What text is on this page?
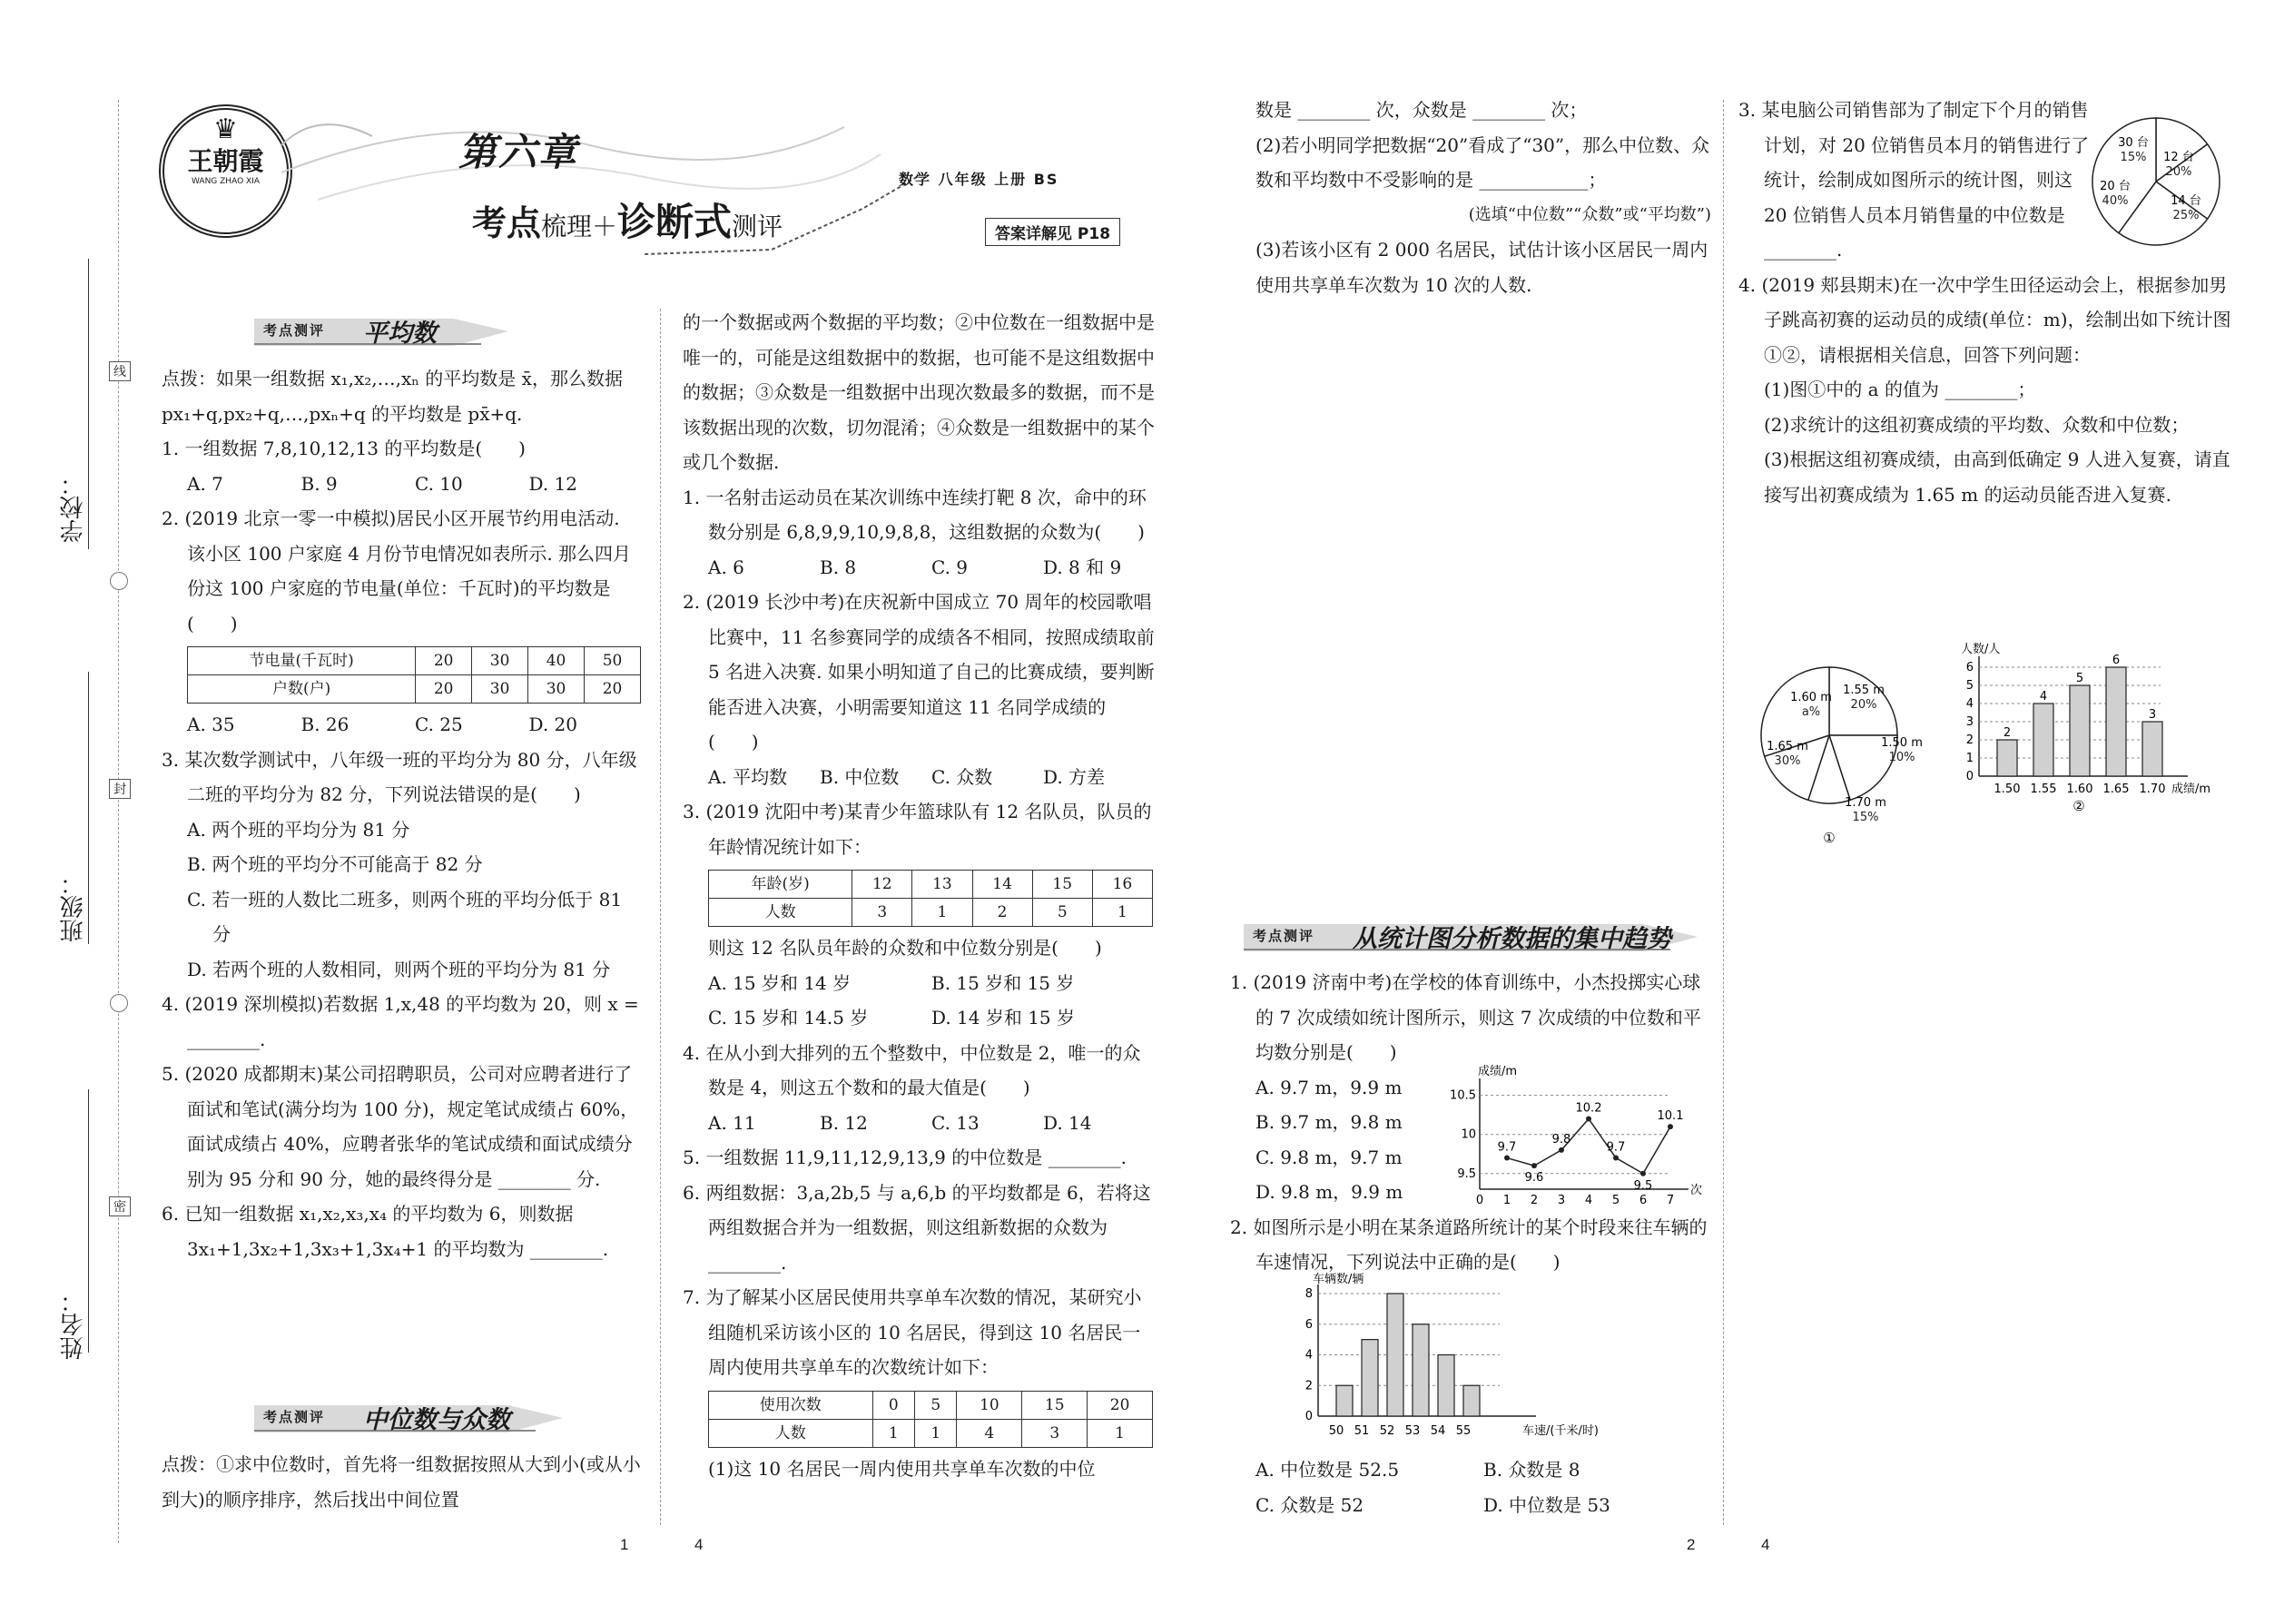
学校：
班级：
姓名：
线
封
密
♛
王朝霞
WANG ZHAO XIA
第六章
考点梳理＋诊断式测评
数学 八年级 上册 BS
答案详解见 P18
考点测评 平均数

点拨：如果一组数据 x₁,x₂,…,xₙ 的平均数是 x̄，那么数据 px₁+q,px₂+q,…,pxₙ+q 的平均数是 px̄+q.

1. 一组数据 7,8,10,12,13 的平均数是(　　)

A. 7	B. 9	C. 10	D. 12

2. (2019 北京一零一中模拟)居民小区开展节约用电活动. 该小区 100 户家庭 4 月份节电情况如表所示. 那么四月份这 100 户家庭的节电量(单位：千瓦时)的平均数是(　　)

节电量(千瓦时)	20	30	40	50
户数(户)	20	30	30	20
A. 35	B. 26	C. 25	D. 20

3. 某次数学测试中，八年级一班的平均分为 80 分，八年级二班的平均分为 82 分，下列说法错误的是(　　)

A. 两个班的平均分为 81 分

B. 两个班的平均分不可能高于 82 分

C. 若一班的人数比二班多，则两个班的平均分低于 81 分

D. 若两个班的人数相同，则两个班的平均分为 81 分

4. (2019 深圳模拟)若数据 1,x,48 的平均数为 20，则 x = ________.

5. (2020 成都期末)某公司招聘职员，公司对应聘者进行了面试和笔试(满分均为 100 分)，规定笔试成绩占 60%，面试成绩占 40%，应聘者张华的笔试成绩和面试成绩分别为 95 分和 90 分，她的最终得分是 ________ 分.

6. 已知一组数据 x₁,x₂,x₃,x₄ 的平均数为 6，则数据 3x₁+1,3x₂+1,3x₃+1,3x₄+1 的平均数为 ________.

考点测评 中位数与众数

点拨：①求中位数时，首先将一组数据按照从大到小(或从小到大)的顺序排序，然后找出中间位置

的一个数据或两个数据的平均数；②中位数在一组数据中是唯一的，可能是这组数据中的数据，也可能不是这组数据中的数据；③众数是一组数据中出现次数最多的数据，而不是该数据出现的次数，切勿混淆；④众数是一组数据中的某个或几个数据.

1. 一名射击运动员在某次训练中连续打靶 8 次，命中的环数分别是 6,8,9,9,10,9,8,8，这组数据的众数为(　　)

A. 6	B. 8	C. 9	D. 8 和 9

2. (2019 长沙中考)在庆祝新中国成立 70 周年的校园歌唱比赛中，11 名参赛同学的成绩各不相同，按照成绩取前 5 名进入决赛. 如果小明知道了自己的比赛成绩，要判断能否进入决赛，小明需要知道这 11 名同学成绩的(　　)

A. 平均数	B. 中位数	C. 众数	D. 方差

3. (2019 沈阳中考)某青少年篮球队有 12 名队员，队员的年龄情况统计如下：

年龄(岁)	12	13	14	15	16
人数	3	1	2	5	1

则这 12 名队员年龄的众数和中位数分别是(　　)

A. 15 岁和 14 岁	B. 15 岁和 15 岁
C. 15 岁和 14.5 岁	D. 14 岁和 15 岁

4. 在从小到大排列的五个整数中，中位数是 2，唯一的众数是 4，则这五个数和的最大值是(　　)

A. 11	B. 12	C. 13	D. 14

5. 一组数据 11,9,11,12,9,13,9 的中位数是 ________.

6. 两组数据：3,a,2b,5 与 a,6,b 的平均数都是 6，若将这两组数据合并为一组数据，则这组新数据的众数为 ________.

7. 为了解某小区居民使用共享单车次数的情况，某研究小组随机采访该小区的 10 名居民，得到这 10 名居民一周内使用共享单车的次数统计如下：

使用次数	0	5	10	15	20
人数	1	1	4	3	1

(1)这 10 名居民一周内使用共享单车次数的中位

数是 ________ 次，众数是 ________ 次；

(2)若小明同学把数据“20”看成了“30”，那么中位数、众数和平均数中不受影响的是 ____________；

(选填“中位数”“众数”或“平均数”)

(3)若该小区有 2 000 名居民，试估计该小区居民一周内使用共享单车次数为 10 次的人数.

考点测评 从统计图分析数据的集中趋势

1. (2019 济南中考)在学校的体育训练中，小杰投掷实心球的 7 次成绩如统计图所示，则这 7 次成绩的中位数和平均数分别是(　　)

A. 9.7 m，9.9 m

B. 9.7 m，9.8 m

C. 9.8 m，9.7 m

D. 9.8 m，9.9 m

2. 如图所示是小明在某条道路所统计的某个时段来往车辆的车速情况，下列说法中正确的是(　　)

A. 中位数是 52.5	B. 众数是 8
C. 众数是 52	D. 中位数是 53
成绩/m
次
9.5
10
10.5
0 1 2 3 4 5 6 7
9.7
9.6
9.8
10.2
9.7
9.5
10.1
车辆数/辆
车速/(千米/时)
0
2
4
6
8
50 51 52 53 54 55

3. 某电脑公司销售部为了制定下个月的销售计划，对 20 位销售员本月的销售进行了统计，绘制成如图所示的统计图，则这 20 位销售人员本月销售量的中位数是 ________.

4. (2019 郏县期末)在一次中学生田径运动会上，根据参加男子跳高初赛的运动员的成绩(单位：m)，绘制出如下统计图①②，请根据相关信息，回答下列问题：

(1)图①中的 a 的值为 ________；

(2)求统计的这组初赛成绩的平均数、众数和中位数；

(3)根据这组初赛成绩，由高到低确定 9 人进入复赛，请直接写出初赛成绩为 1.65 m 的运动员能否进入复赛.

30 台
15% 12 台
20%
14 台
25%
20 台
40%
1.60 m
a%
1.55 m
20%
1.50 m
10%
1.70 m
15%
1.65 m
30%
①
人数/人
成绩/m
0
1
2
3
4
5
6
2
1.50
4
1.55
5
1.60
6
1.65
3
1.70
②
1	4	2	4
